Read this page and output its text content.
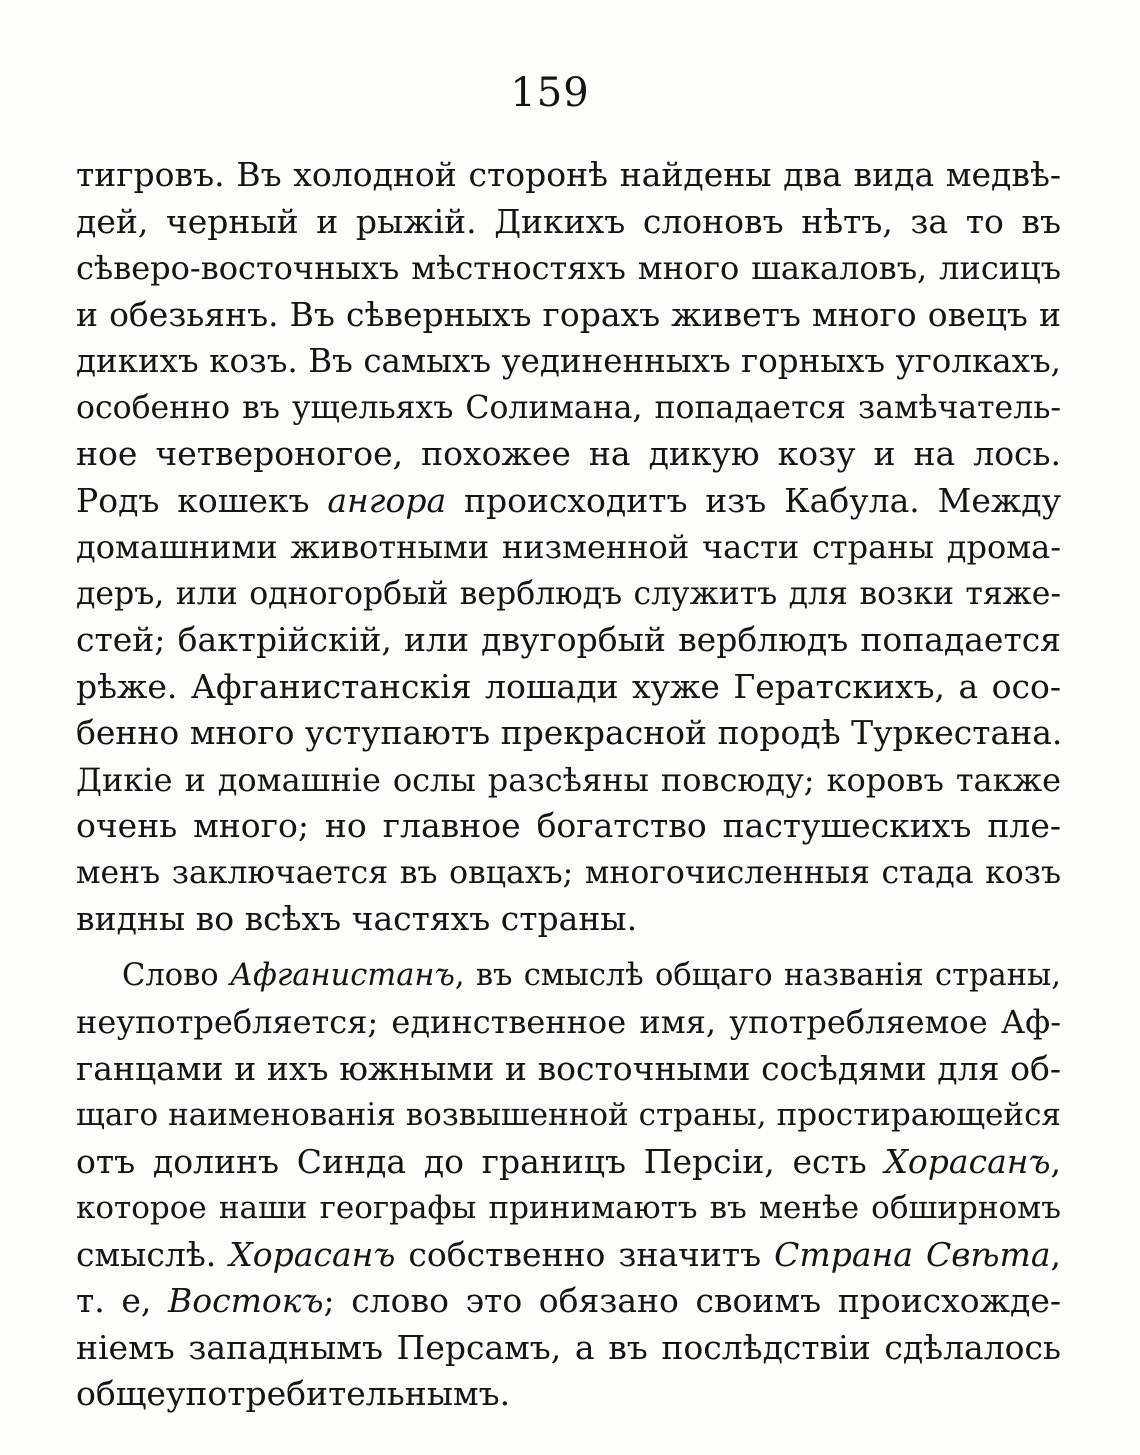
159
тигровъ. Въ холодной сторонѣ найдены два вида медвѣ-
дей, черный и рыжій. Дикихъ слоновъ нѣтъ, за то въ
сѣверо-восточныхъ мѣстностяхъ много шакаловъ, лисицъ
и обезьянъ. Въ сѣверныхъ горахъ живетъ много овецъ и
дикихъ козъ. Въ самыхъ уединенныхъ горныхъ уголкахъ,
особенно въ ущельяхъ Солимана, попадается замѣчатель-
ное четвероногое, похожее на дикую козу и на лось.
Родъ кошекъ ангора происходитъ изъ Кабула. Между
домашними животными низменной части страны дрома-
деръ, или одногорбый верблюдъ служитъ для возки тяже-
стей; бактрійскій, или двугорбый верблюдъ попадается
рѣже. Афганистанскія лошади хуже Гератскихъ, а осо-
бенно много уступаютъ прекрасной породѣ Туркестана.
Дикіе и домашніе ослы разсѣяны повсюду; коровъ также
очень много; но главное богатство пастушескихъ пле-
менъ заключается въ овцахъ; многочисленныя стада козъ
видны во всѣхъ частяхъ страны.
Слово Афганистанъ, въ смыслѣ общаго названія страны,
неупотребляется; единственное имя, употребляемое Аф-
ганцами и ихъ южными и восточными сосѣдями для об-
щаго наименованія возвышенной страны, простирающейся
отъ долинъ Синда до границъ Персіи, есть Хорасанъ,
которое наши географы принимаютъ въ менѣе обширномъ
смыслѣ. Хорасанъ собственно значитъ Страна Свѣта,
т. е, Востокъ; слово это обязано своимъ происхожде-
ніемъ западнымъ Персамъ, а въ послѣдствіи сдѣлалось
общеупотребительнымъ.
